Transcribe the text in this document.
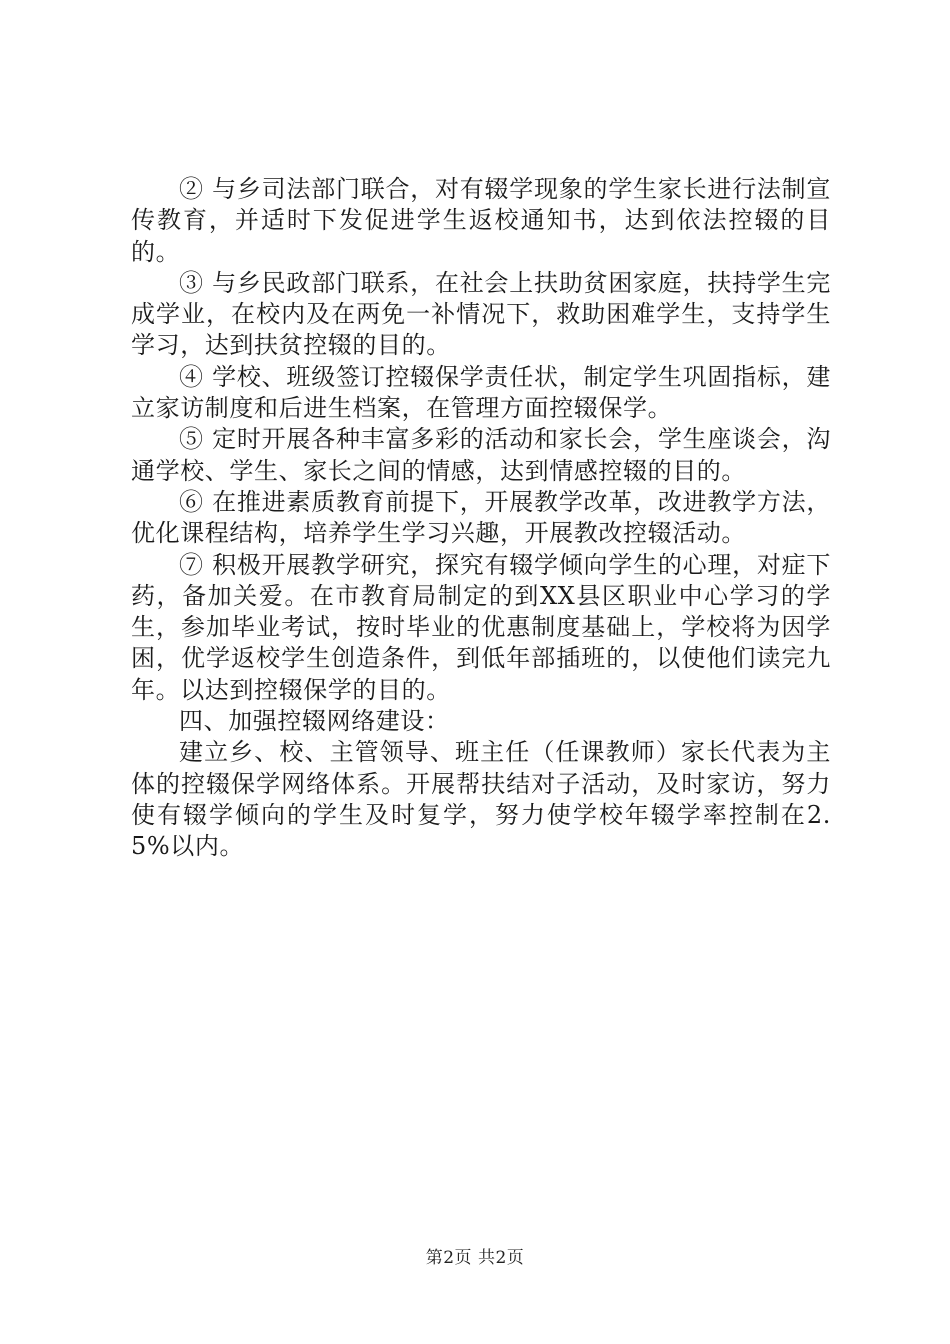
② 与乡司法部门联合，对有辍学现象的学生家长进行法制宣传教育，并适时下发促进学生返校通知书，达到依法控辍的目的。

③ 与乡民政部门联系，在社会上扶助贫困家庭，扶持学生完成学业，在校内及在两免一补情况下，救助困难学生，支持学生学习，达到扶贫控辍的目的。

④ 学校、班级签订控辍保学责任状，制定学生巩固指标，建立家访制度和后进生档案，在管理方面控辍保学。

⑤ 定时开展各种丰富多彩的活动和家长会，学生座谈会，沟通学校、学生、家长之间的情感，达到情感控辍的目的。

⑥ 在推进素质教育前提下，开展教学改革，改进教学方法，优化课程结构，培养学生学习兴趣，开展教改控辍活动。

⑦ 积极开展教学研究，探究有辍学倾向学生的心理，对症下药，备加关爱。在市教育局制定的到XX县区职业中心学习的学生，参加毕业考试，按时毕业的优惠制度基础上，学校将为因学困，优学返校学生创造条件，到低年部插班的，以使他们读完九年。以达到控辍保学的目的。

四、加强控辍网络建设：

建立乡、校、主管领导、班主任（任课教师）家长代表为主体的控辍保学网络体系。开展帮扶结对子活动，及时家访，努力使有辍学倾向的学生及时复学，努力使学校年辍学率控制在2.5%以内。

第2页 共2页
